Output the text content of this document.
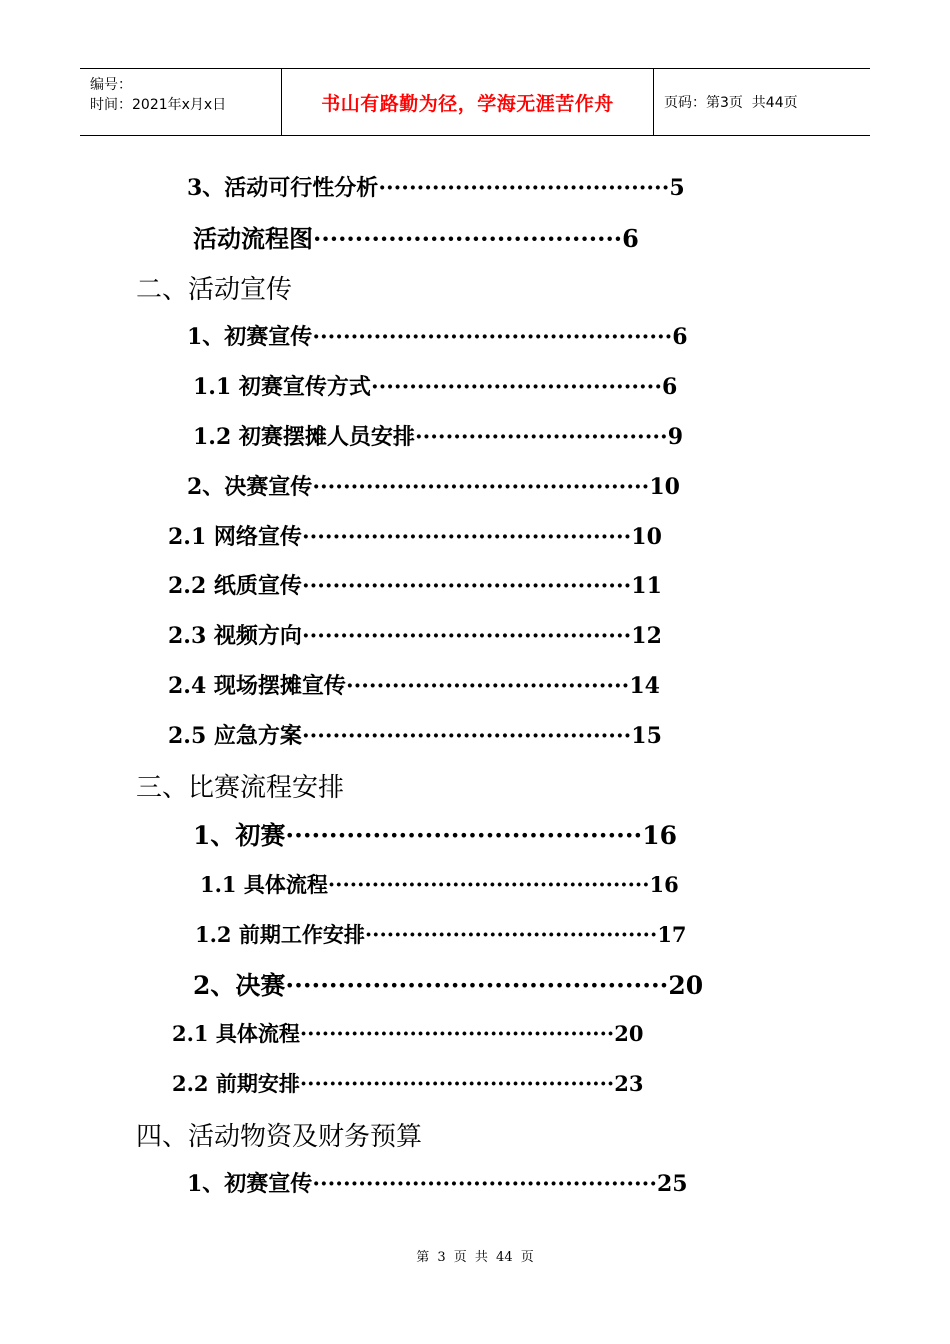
编号：
时间：2021年x月x日	书山有路勤为径，学海无涯苦作舟	页码：第3页  共44页
3、活动可行性分析······································5
活动流程图·····································6
二、活动宣传
1、初赛宣传···············································6
1.1 初赛宣传方式······································6
1.2 初赛摆摊人员安排·································9
2、决赛宣传············································10
2.1 网络宣传···········································10
2.2 纸质宣传···········································11
2.3 视频方向···········································12
2.4 现场摆摊宣传·····································14
2.5 应急方案···········································15
三、比赛流程安排
1、初赛·········································16
1.1 具体流程············································16
1.2 前期工作安排········································17
2、决赛············································20
2.1 具体流程···········································20
2.2 前期安排···········································23
四、活动物资及财务预算
1、初赛宣传·············································25
第 3 页 共 44 页
